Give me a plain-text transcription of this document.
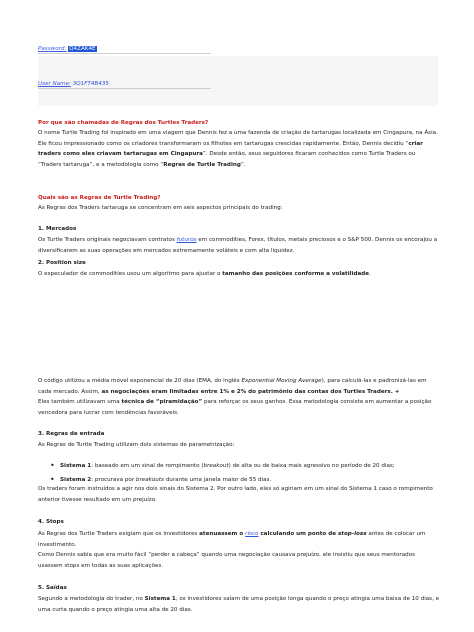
Password: Q4ZAK4E
User Name: 3Q1FT4B435
Por que são chamadas de Regras dos Turtles Traders?
O nome Turtle Trading foi inspirado em uma viagem que Dennis fez a uma fazenda de criação de tartarugas localizada em Cingapura, na Ásia. Ele ficou impressionado como os criadores transformaram os filhotes em tartarugas crescidas rapidamente. Então, Dennis decidiu “criar traders como eles criavam tartarugas em Cingapura”. Desde então, seus seguidores ficaram conhecidos como Turtle Traders ou “Traders tartaruga”, e a metodologia como “Regras de Turtle Trading”.
Quais são as Regras de Turtle Trading?
As Regras dos Traders tartaruga se concentram em seis aspectos principais do trading:
1. Mercados
Os Turtle Traders originais negociavam contratos futuros em commodities, Forex, títulos, metais preciosos e o S&P 500. Dennis os encorajou a diversificarem as suas operações em mercados extremamente voláteis e com alta liquidez.
2. Position size
O especulador de commodities usou um algoritmo para ajustar o tamanho das posições conforme a volatilidade.
O código utilizou a média móvel exponencial de 20 dias (EMA, do inglês Exponential Moving Average), para calculá-las e padronizá-las em cada mercado. Assim, as negociações eram limitadas entre 1% e 2% do patrimônio das contas dos Turtles Traders. +
Eles também utilizavam uma técnica de “piramidação” para reforçar os seus ganhos. Essa metodologia consiste em aumentar a posição vencedora para lucrar com tendências favoráveis.
3. Regras de entrada
As Regras de Turtle Trading utilizam dois sistemas de parametrização:
• Sistema 1: baseado em um sinal de rompimento (breakout) de alta ou de baixa mais agressivo no período de 20 dias;
• Sistema 2: procurava por breakouts durante uma janela maior de 55 dias.
Os traders foram instruídos a agir nos dois sinais do Sistema 2. Por outro lado, eles só agiriam em um sinal do Sistema 1 caso o rompimento anterior tivesse resultado em um prejuízo.
4. Stops
As Regras dos Turtle Traders exigiam que os investidores atenuassem o risco calculando um ponto de stop-loss antes de colocar um investimento.
Como Dennis sabia que era muito fácil “perder a cabeça” quando uma negociação causava prejuízo, ele insistiu que seus mentorados usassem stops em todas as suas aplicações.
5. Saídas
Segundo a metodologia do trader, no Sistema 1, os investidores saíam de uma posição longa quando o preço atingia uma baixa de 10 dias, e uma curta quando o preço atingia uma alta de 20 dias.
